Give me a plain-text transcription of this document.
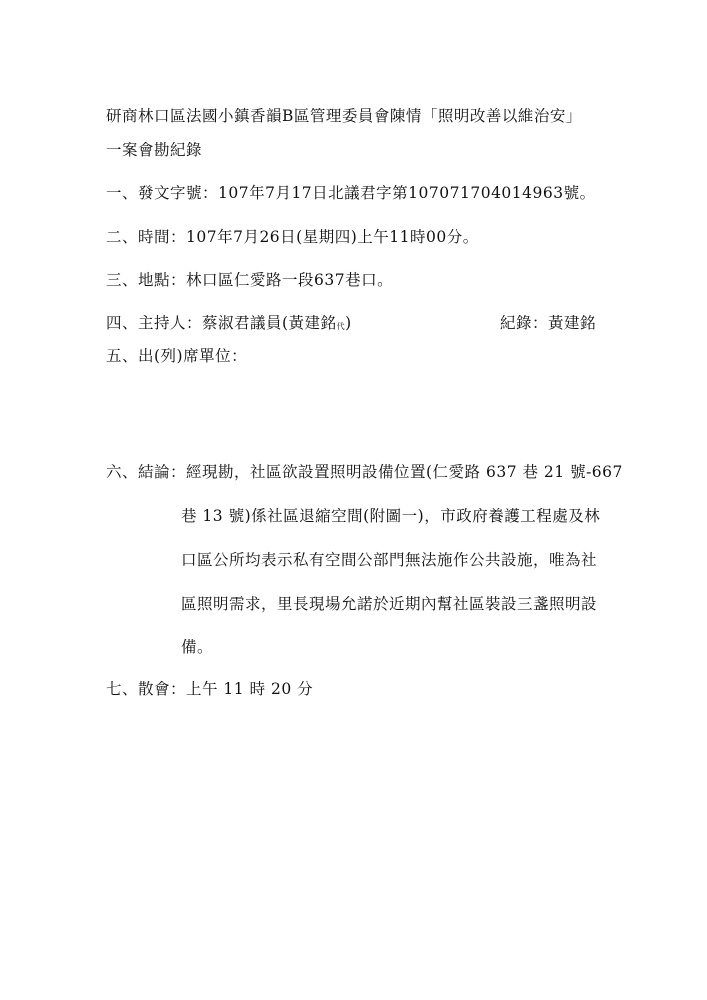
研商林口區法國小鎮香韻B區管理委員會陳情「照明改善以維治安」
一案會勘紀錄
一、發文字號：107年7月17日北議君字第107071704014963號。
二、時間：107年7月26日(星期四)上午11時00分。
三、地點：林口區仁愛路一段637巷口。
四、主持人：蔡淑君議員(黃建銘代)	紀錄：黃建銘
五、出(列)席單位：
六、結論：經現勘，社區欲設置照明設備位置(仁愛路 637 巷 21 號-667
巷 13 號)係社區退縮空間(附圖一)，市政府養護工程處及林
口區公所均表示私有空間公部門無法施作公共設施，唯為社
區照明需求，里長現場允諾於近期內幫社區裝設三盞照明設
備。
七、散會：上午 11 時 20 分
